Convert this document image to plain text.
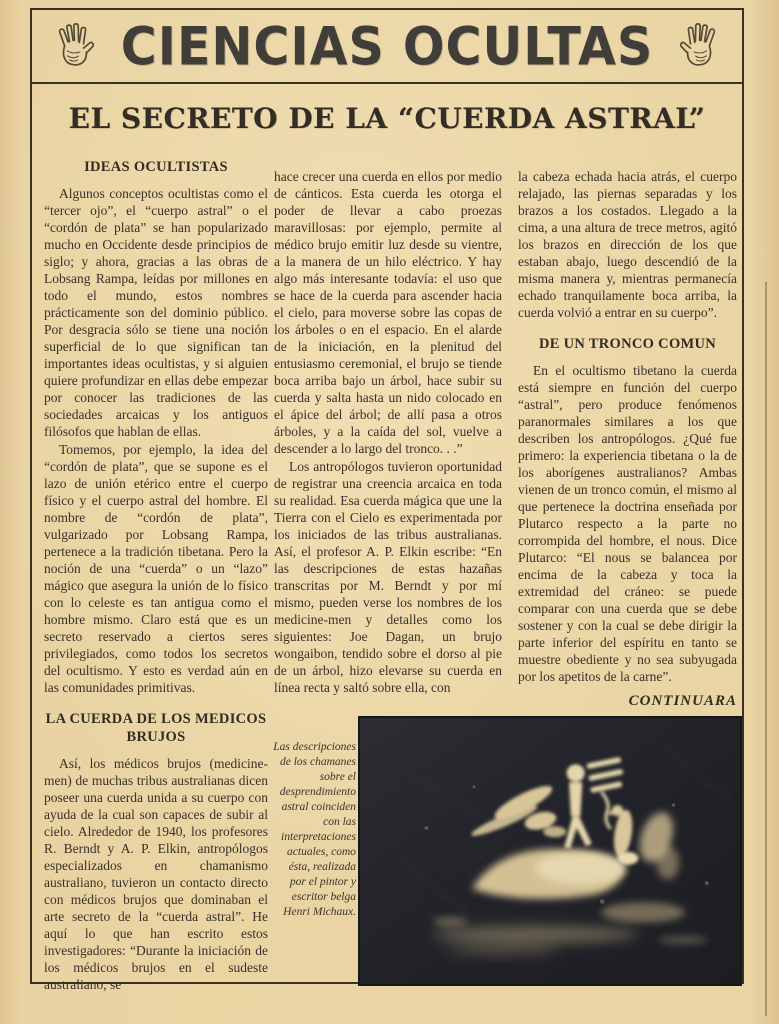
CIENCIAS OCULTAS
EL SECRETO DE LA “CUERDA ASTRAL”
IDEAS OCULTISTAS

Algunos conceptos ocultistas como el “tercer ojo”, el “cuerpo astral” o el “cordón de plata” se han popularizado mucho en Occidente desde principios de siglo; y ahora, gracias a las obras de Lobsang Rampa, leídas por millones en todo el mundo, estos nombres prácticamente son del dominio público. Por desgracia sólo se tiene una noción superficial de lo que significan tan importantes ideas ocultistas, y si alguien quiere profundizar en ellas debe empezar por conocer las tradiciones de las sociedades arcaicas y los antiguos filósofos que hablan de ellas.

Tomemos, por ejemplo, la idea del “cordón de plata”, que se supone es el lazo de unión etérico entre el cuerpo físico y el cuerpo astral del hombre. El nombre de “cordón de plata”, vulgarizado por Lobsang Rampa, pertenece a la tradición tibetana. Pero la noción de una “cuerda” o un “lazo” mágico que asegura la unión de lo físico con lo celeste es tan antigua como el hombre mismo. Claro está que es un secreto reservado a ciertos seres privilegiados, como todos los secretos del ocultismo. Y esto es verdad aún en las comunidades primitivas.

LA CUERDA DE LOS MEDICOS BRUJOS

Así, los médicos brujos (medicine-men) de muchas tribus australianas dicen poseer una cuerda unida a su cuerpo con ayuda de la cual son capaces de subir al cielo. Alrededor de 1940, los profesores R. Berndt y A. P. Elkin, antropólogos especializados en chamanismo australiano, tuvieron un contacto directo con médicos brujos que dominaban el arte secreto de la “cuerda astral”. He aquí lo que han escrito estos investigadores: “Durante la iniciación de los médicos brujos en el sudeste australiano, se

hace crecer una cuerda en ellos por medio de cánticos. Esta cuerda les otorga el poder de llevar a cabo proezas maravillosas: por ejemplo, permite al médico brujo emitir luz desde su vientre, a la manera de un hilo eléctrico. Y hay algo más interesante todavía: el uso que se hace de la cuerda para ascender hacia el cielo, para moverse sobre las copas de los árboles o en el espacio. En el alarde de la iniciación, en la plenitud del entusiasmo ceremonial, el brujo se tiende boca arriba bajo un árbol, hace subir su cuerda y salta hasta un nido colocado en el ápice del árbol; de allí pasa a otros árboles, y a la caída del sol, vuelve a descender a lo largo del tronco. . .”

Los antropólogos tuvieron oportunidad de registrar una creencia arcaica en toda su realidad. Esa cuerda mágica que une la Tierra con el Cielo es experimentada por los iniciados de las tribus australianas. Así, el profesor A. P. Elkin escribe: “En las descripciones de estas hazañas transcritas por M. Berndt y por mí mismo, pueden verse los nombres de los medicine-men y detalles como los siguientes: Joe Dagan, un brujo wongaibon, tendido sobre el dorso al pie de un árbol, hizo elevarse su cuerda en línea recta y saltó sobre ella, con

la cabeza echada hacia atrás, el cuerpo relajado, las piernas separadas y los brazos a los costados. Llegado a la cima, a una altura de trece metros, agitó los brazos en dirección de los que estaban abajo, luego descendió de la misma manera y, mientras permanecía echado tranquilamente boca arriba, la cuerda volvió a entrar en su cuerpo”.

DE UN TRONCO COMUN

En el ocultismo tibetano la cuerda está siempre en función del cuerpo “astral”, pero produce fenómenos paranormales similares a los que describen los antropólogos. ¿Qué fue primero: la experiencia tibetana o la de los aborígenes australianos? Ambas vienen de un tronco común, el mismo al que pertenece la doctrina enseñada por Plutarco respecto a la parte no corrompida del hombre, el nous. Dice Plutarco: “El nous se balancea por encima de la cabeza y toca la extremidad del cráneo: se puede comparar con una cuerda que se debe sostener y con la cual se debe dirigir la parte inferior del espíritu en tanto se muestre obediente y no sea subyugada por los apetitos de la carne”.

CONTINUARA
Las descripciones de los chamanes sobre el desprendimiento astral coinciden con las interpretaciones actuales, como ésta, realizada por el pintor y escritor belga Henri Michaux.
